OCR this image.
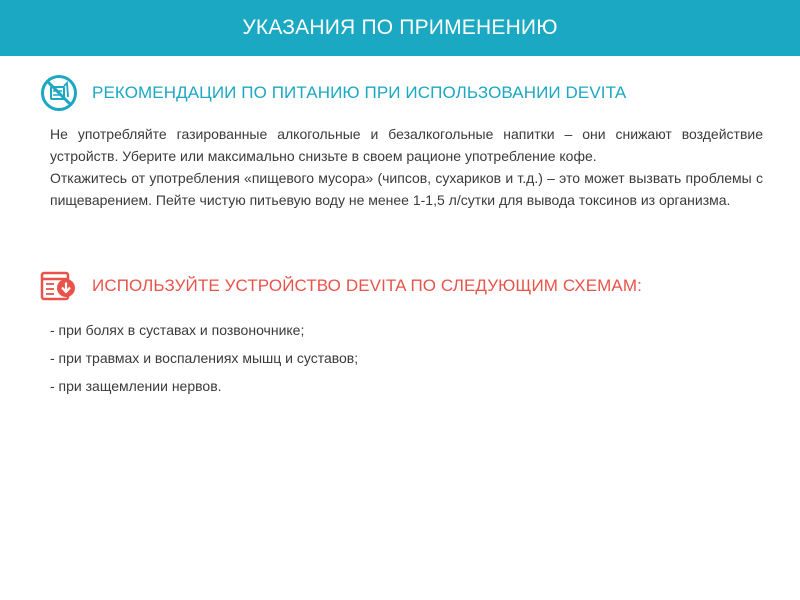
УКАЗАНИЯ ПО ПРИМЕНЕНИЮ
РЕКОМЕНДАЦИИ ПО ПИТАНИЮ ПРИ ИСПОЛЬЗОВАНИИ DEVITA

Не употребляйте газированные алкогольные и безалкогольные напитки – они снижают воздействие устройств. Уберите или максимально снизьте в своем рационе употребление кофе.

Откажитесь от употребления «пищевого мусора» (чипсов, сухариков и т.д.) – это может вызвать проблемы с пищеварением. Пейте чистую питьевую воду не менее 1-1,5 л/сутки для вывода токсинов из организма.

ИСПОЛЬЗУЙТЕ УСТРОЙСТВО DEVITA ПО СЛЕДУЮЩИМ СХЕМАМ:
- при болях в суставах и позвоночнике;
- при травмах и воспалениях мышц и суставов;
- при защемлении нервов.
